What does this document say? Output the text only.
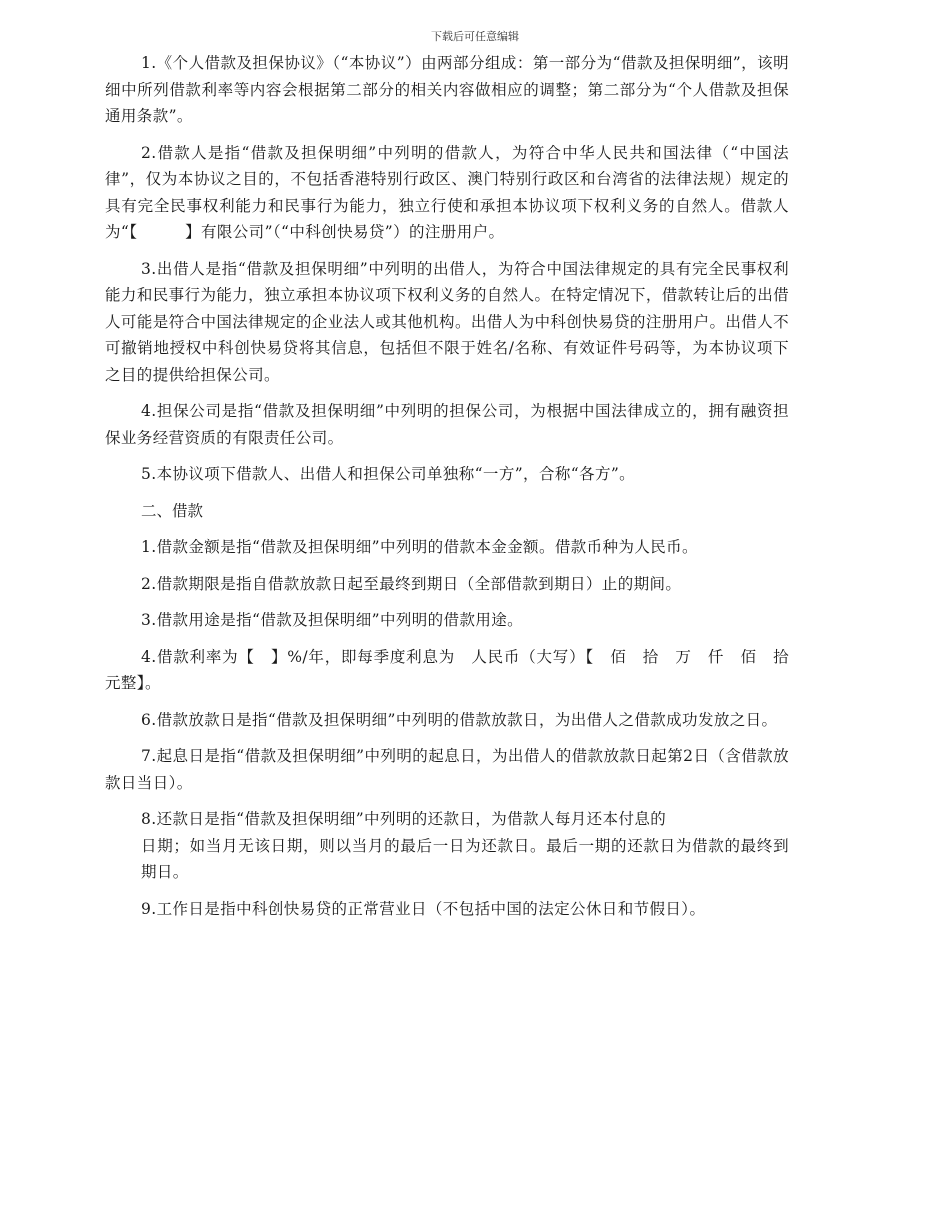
下载后可任意编辑

1.《个人借款及担保协议》（“本协议”）由两部分组成：第一部分为“借款及担保明细”，该明细中所列借款利率等内容会根据第二部分的相关内容做相应的调整；第二部分为“个人借款及担保通用条款”。

2.借款人是指“借款及担保明细”中列明的借款人，为符合中华人民共和国法律（“中国法律”，仅为本协议之目的，不包括香港特别行政区、澳门特别行政区和台湾省的法律法规）规定的具有完全民事权利能力和民事行为能力，独立行使和承担本协议项下权利义务的自然人。借款人为“【　　　】有限公司”（“中科创快易贷”）的注册用户。

3.出借人是指“借款及担保明细”中列明的出借人，为符合中国法律规定的具有完全民事权利能力和民事行为能力，独立承担本协议项下权利义务的自然人。在特定情况下，借款转让后的出借人可能是符合中国法律规定的企业法人或其他机构。出借人为中科创快易贷的注册用户。出借人不可撤销地授权中科创快易贷将其信息，包括但不限于姓名/名称、有效证件号码等，为本协议项下之目的提供给担保公司。

4.担保公司是指“借款及担保明细”中列明的担保公司，为根据中国法律成立的，拥有融资担保业务经营资质的有限责任公司。

5.本协议项下借款人、出借人和担保公司单独称“一方”，合称“各方”。

二、借款

1.借款金额是指“借款及担保明细”中列明的借款本金金额。借款币种为人民币。

2.借款期限是指自借款放款日起至最终到期日（全部借款到期日）止的期间。

3.借款用途是指“借款及担保明细”中列明的借款用途。

4.借款利率为【　】%/年，即每季度利息为　人民币（大写）【　佰　拾　万　仟　佰　拾　元整】。

6.借款放款日是指“借款及担保明细”中列明的借款放款日，为出借人之借款成功发放之日。

7.起息日是指“借款及担保明细”中列明的起息日，为出借人的借款放款日起第2日（含借款放款日当日）。

8.还款日是指“借款及担保明细”中列明的还款日，为借款人每月还本付息的
日期；如当月无该日期，则以当月的最后一日为还款日。最后一期的还款日为借款的最终到期日。

9.工作日是指中科创快易贷的正常营业日（不包括中国的法定公休日和节假日）。
